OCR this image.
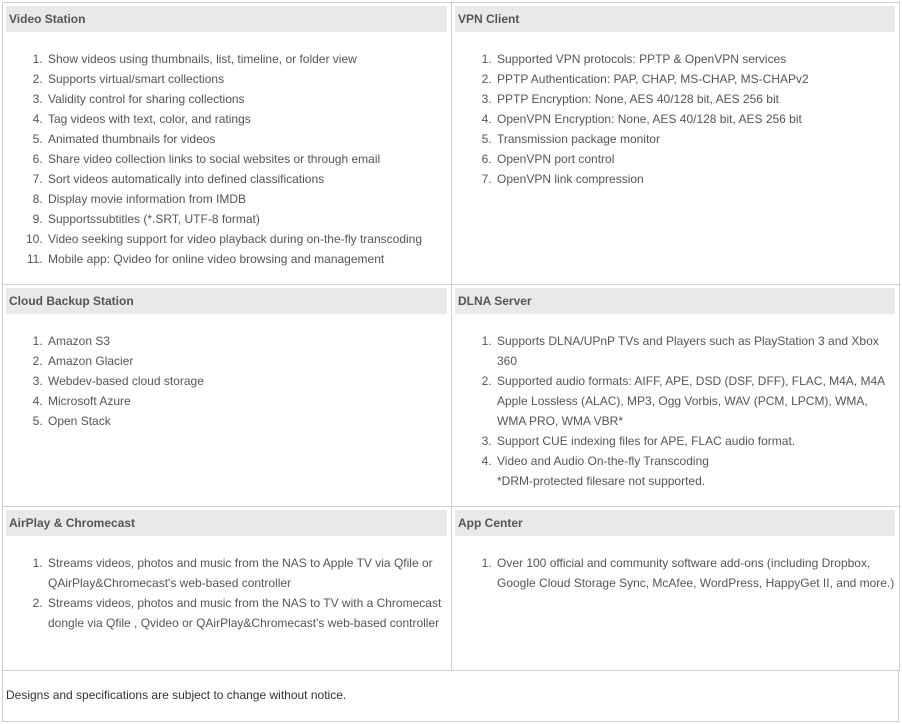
Video Station
1. Show videos using thumbnails, list, timeline, or folder view
2. Supports virtual/smart collections
3. Validity control for sharing collections
4. Tag videos with text, color, and ratings
5. Animated thumbnails for videos
6. Share video collection links to social websites or through email
7. Sort videos automatically into defined classifications
8. Display movie information from IMDB
9. Supportssubtitles (*.SRT, UTF-8 format)
10. Video seeking support for video playback during on-the-fly transcoding
11. Mobile app: Qvideo for online video browsing and management
VPN Client
1. Supported VPN protocols: PPTP & OpenVPN services
2. PPTP Authentication: PAP, CHAP, MS-CHAP, MS-CHAPv2
3. PPTP Encryption: None, AES 40/128 bit, AES 256 bit
4. OpenVPN Encryption: None, AES 40/128 bit, AES 256 bit
5. Transmission package monitor
6. OpenVPN port control
7. OpenVPN link compression
Cloud Backup Station
1. Amazon S3
2. Amazon Glacier
3. Webdev-based cloud storage
4. Microsoft Azure
5. Open Stack
DLNA Server
1. Supports DLNA/UPnP TVs and Players such as PlayStation 3 and Xbox 360
2. Supported audio formats: AIFF, APE, DSD (DSF, DFF), FLAC, M4A, M4A Apple Lossless (ALAC), MP3, Ogg Vorbis, WAV (PCM, LPCM), WMA, WMA PRO, WMA VBR*
3. Support CUE indexing files for APE, FLAC audio format.
4. Video and Audio On-the-fly Transcoding
*DRM-protected filesare not supported.
AirPlay & Chromecast
1. Streams videos, photos and music from the NAS to Apple TV via Qfile or QAirPlay&Chromecast's web-based controller
2. Streams videos, photos and music from the NAS to TV with a Chromecast dongle via Qfile , Qvideo or QAirPlay&Chromecast's web-based controller
App Center
1. Over 100 official and community software add-ons (including Dropbox, Google Cloud Storage Sync, McAfee, WordPress, HappyGet II, and more.)
Designs and specifications are subject to change without notice.
